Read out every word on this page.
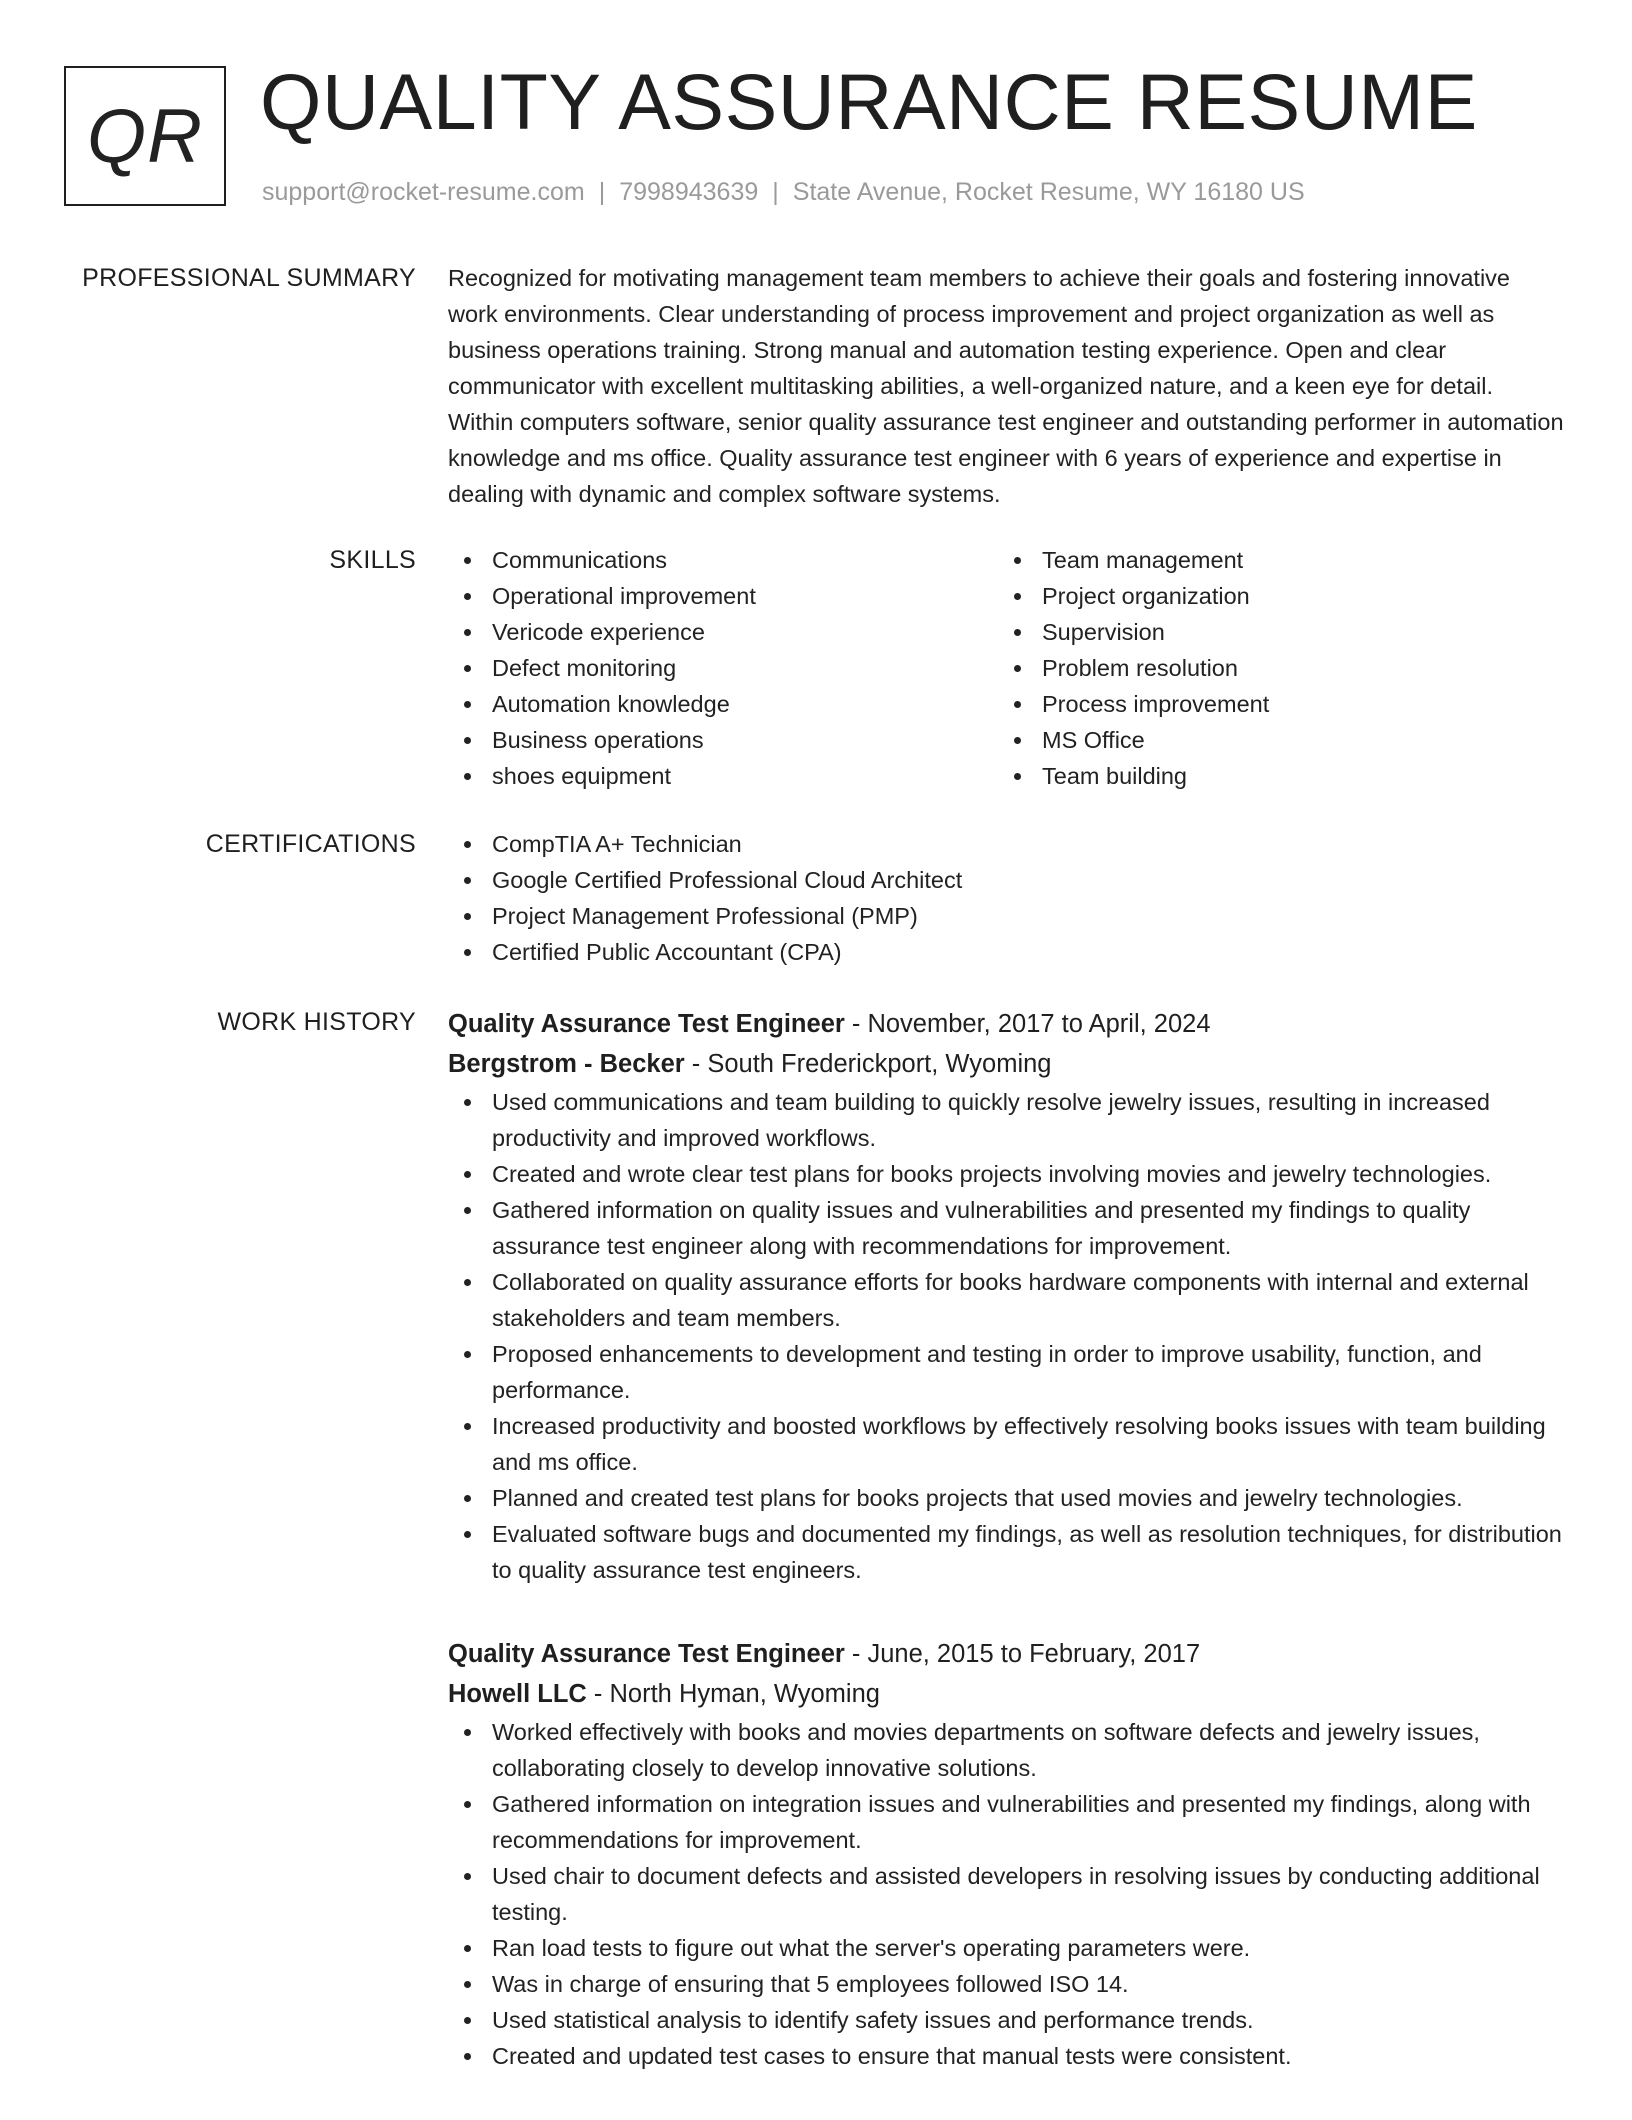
QR QUALITY ASSURANCE RESUME
support@rocket-resume.com | 7998943639 | State Avenue, Rocket Resume, WY 16180 US
PROFESSIONAL SUMMARY Recognized for motivating management team members to achieve their goals and fostering innovative work environments. Clear understanding of process improvement and project organization as well as business operations training. Strong manual and automation testing experience. Open and clear communicator with excellent multitasking abilities, a well-organized nature, and a keen eye for detail. Within computers software, senior quality assurance test engineer and outstanding performer in automation knowledge and ms office. Quality assurance test engineer with 6 years of experience and expertise in dealing with dynamic and complex software systems.

SKILLS	Communications
Operational improvement
Vericode experience
Defect monitoring
Automation knowledge
Business operations
shoes equipment
Team management
Project organization
Supervision
Problem resolution
Process improvement
MS Office
Team building
CERTIFICATIONS	CompTIA A+ Technician
Google Certified Professional Cloud Architect
Project Management Professional (PMP)
Certified Public Accountant (CPA)
WORK HISTORY Quality Assurance Test Engineer - November, 2017 to April, 2024
Bergstrom - Becker - South Frederickport, Wyoming
Used communications and team building to quickly resolve jewelry issues, resulting in increased productivity and improved workflows.
Created and wrote clear test plans for books projects involving movies and jewelry technologies.
Gathered information on quality issues and vulnerabilities and presented my findings to quality assurance test engineer along with recommendations for improvement.
Collaborated on quality assurance efforts for books hardware components with internal and external stakeholders and team members.
Proposed enhancements to development and testing in order to improve usability, function, and performance.
Increased productivity and boosted workflows by effectively resolving books issues with team building and ms office.
Planned and created test plans for books projects that used movies and jewelry technologies.
Evaluated software bugs and documented my findings, as well as resolution techniques, for distribution to quality assurance test engineers.
Quality Assurance Test Engineer - June, 2015 to February, 2017
Howell LLC - North Hyman, Wyoming
Worked effectively with books and movies departments on software defects and jewelry issues, collaborating closely to develop innovative solutions.
Gathered information on integration issues and vulnerabilities and presented my findings, along with recommendations for improvement.
Used chair to document defects and assisted developers in resolving issues by conducting additional testing.
Ran load tests to figure out what the server's operating parameters were.
Was in charge of ensuring that 5 employees followed ISO 14.
Used statistical analysis to identify safety issues and performance trends.
Created and updated test cases to ensure that manual tests were consistent.
